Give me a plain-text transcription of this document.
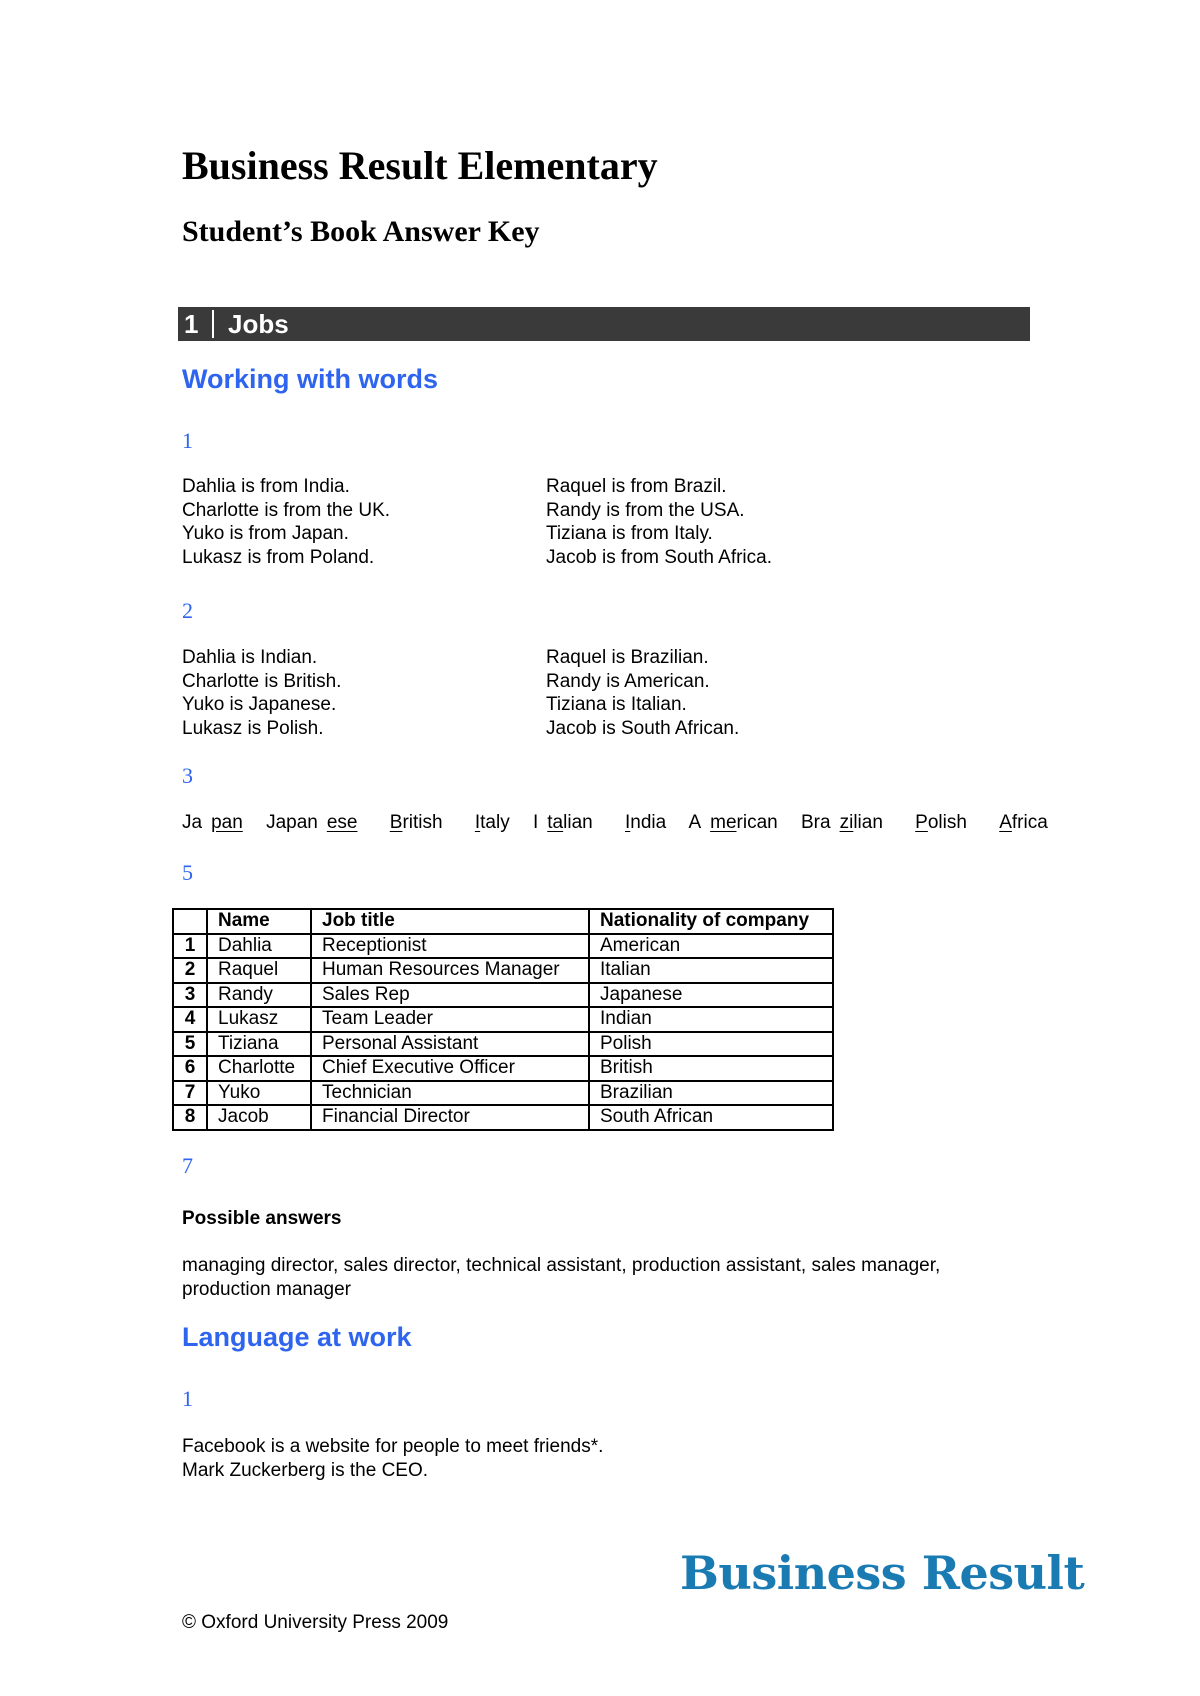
Business Result Elementary
Student’s Book Answer Key
1	Jobs
Working with words

1

Dahlia is from India.
Charlotte is from the UK.
Yuko is from Japan.
Lukasz is from Poland.
Raquel is from Brazil.
Randy is from the USA.
Tiziana is from Italy.
Jacob is from South Africa.

2

Dahlia is Indian.
Charlotte is British.
Yuko is Japanese.
Lukasz is Polish.
Raquel is Brazilian.
Randy is American.
Tiziana is Italian.
Jacob is South African.

3

Ja pan Japan ese British Italy I talian India A merican Bra zilian Polish Africa

5

	Name	Job title	Nationality of company
1	Dahlia	Receptionist	American
2	Raquel	Human Resources Manager	Italian
3	Randy	Sales Rep	Japanese
4	Lukasz	Team Leader	Indian
5	Tiziana	Personal Assistant	Polish
6	Charlotte	Chief Executive Officer	British
7	Yuko	Technician	Brazilian
8	Jacob	Financial Director	South African

7

Possible answers

managing director, sales director, technical assistant, production assistant, sales manager, production manager

Language at work

1

Facebook is a website for people to meet friends*.
Mark Zuckerberg is the CEO.

Business Result

© Oxford University Press 2009
